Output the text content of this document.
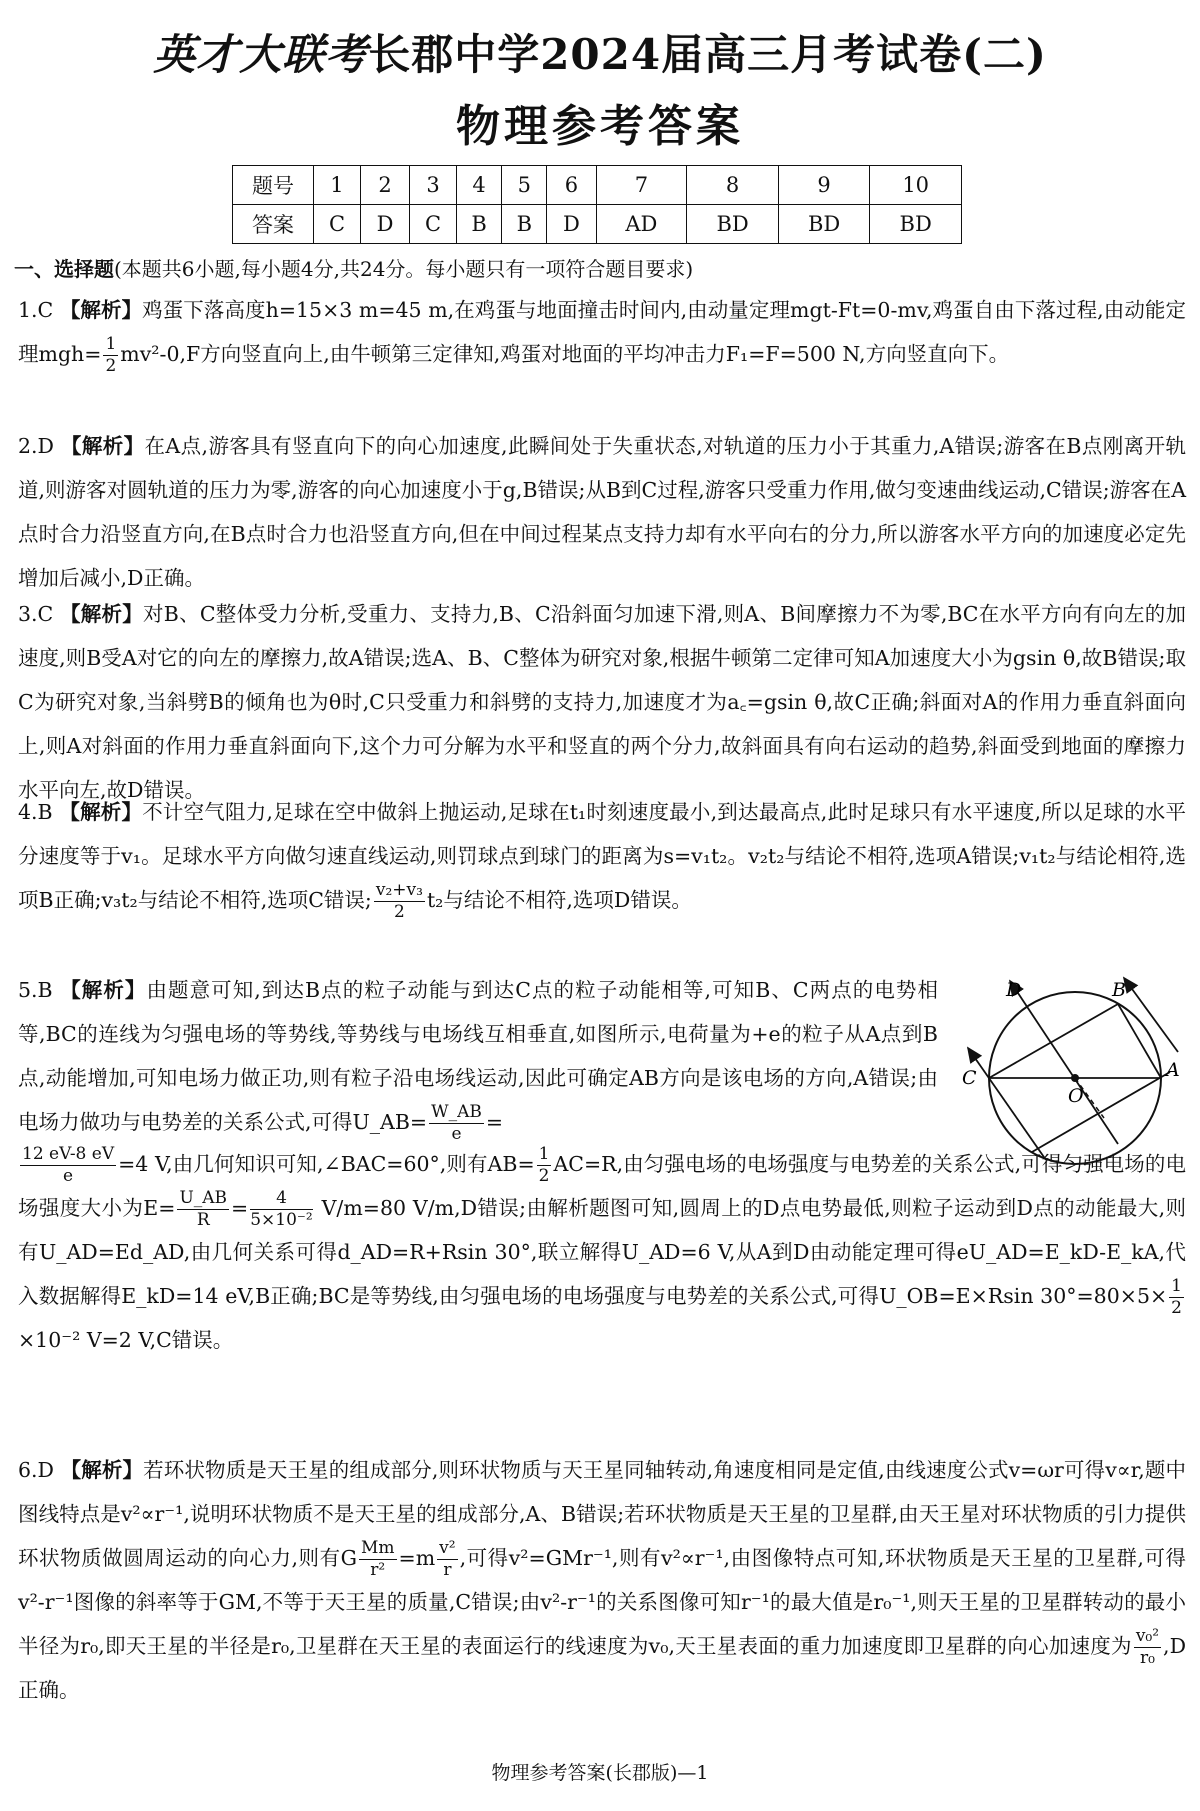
英才大联考长郡中学2024届高三月考试卷(二)
物理参考答案
题号	1	2	3	4	5	6	7	8	9	10
答案	C	D	C	B	B	D	AD	BD	BD	BD
一、选择题(本题共6小题,每小题4分,共24分。每小题只有一项符合题目要求)
1.C 【解析】鸡蛋下落高度h=15×3 m=45 m,在鸡蛋与地面撞击时间内,由动量定理mgt-Ft=0-mv,鸡蛋自由下落过程,由动能定理$mgh= \frac{1}{2} mv^2-0,F$方向竖直向上,由牛顿第三定律知,鸡蛋对地面的平均冲击力F₁=F=500 N,方向竖直向下。
2.D 【解析】在A点,游客具有竖直向下的向心加速度,此瞬间处于失重状态,对轨道的压力小于其重力,A错误;游客在B点刚离开轨道,则游客对圆轨道的压力为零,游客的向心加速度小于g,B错误;从B到C过程,游客只受重力作用,做匀变速曲线运动,C错误;游客在A点时合力沿竖直方向,在B点时合力也沿竖直方向,但在中间过程某点支持力却有水平向右的分力,所以游客水平方向的加速度必定先增加后减小,D正确。
3.C 【解析】对B、C整体受力分析,受重力、支持力,B、C沿斜面匀加速下滑,则A、B间摩擦力不为零,BC在水平方向有向左的加速度,则B受A对它的向左的摩擦力,故A错误;选A、B、C整体为研究对象,根据牛顿第二定律可知A加速度大小为gsin θ,故B错误;取C为研究对象,当斜劈B的倾角也为θ时,C只受重力和斜劈的支持力,加速度才为a꜀=gsin θ,故C正确;斜面对A的作用力垂直斜面向上,则A对斜面的作用力垂直斜面向下,这个力可分解为水平和竖直的两个分力,故斜面具有向右运动的趋势,斜面受到地面的摩擦力水平向左,故D错误。
4.B 【解析】不计空气阻力,足球在空中做斜上抛运动,足球在t₁时刻速度最小,到达最高点,此时足球只有水平速度,所以足球的水平分速度等于v₁。足球水平方向做匀速直线运动,则罚球点到球门的距离为s=v₁t₂。v₂t₂与结论不相符,选项A错误;v₁t₂与结论相符,选项B正确;v₃t₂与结论不相符,选项C错误; $\frac{\text{v₂+v₃}}{2} t_2$与结论不相符,选项D错误。
5.B 【解析】由题意可知,到达B点的粒子动能与到达C点的粒子动能相等,可知B、C两点的电势相等,BC的连线为匀强电场的等势线,等势线与电场线互相垂直,如图所示,电荷量为+e的粒子从A点到B点,动能增加,可知电场力做正功,则有粒子沿电场线运动,因此可确定AB方向是该电场的方向,A错误;由电场力做功与电势差的关系公式,可得U_AB= $\frac{W\_AB}{e}$ =
$\frac{12 eV-8 eV}{e} =4$ V,由几何知识可知,∠BAC=60°,则有$AB= \frac{1}{2} AC=R$,由匀强电场的电场强度与电势差的关系公式,可得匀强电场的电场强度大小为$E= \frac{U\_AB}{R} = \frac{4}{\text{5×10⁻²}} V/m=80$ V/m,D错误;由解析题图可知,圆周上的D点电势最低,则粒子运动到D点的动能最大,则有U_AD=Ed_AD,由几何关系可得d_AD=R+Rsin 30°,联立解得U_AD=6 V,从A到D由动能定理可得eU_AD=E_kD-E_kA,代入数据解得E_kD=14 eV,B正确;BC是等势线,由匀强电场的电场强度与电势差的关系公式,可得U_OB=E×Rsin $30^\circ=80\times 5\times \frac{1}{2}$
×10⁻² V=2 V,C错误。
C	A
B
D
O
6.D 【解析】若环状物质是天王星的组成部分,则环状物质与天王星同轴转动,角速度相同是定值,由线速度公式v=ωr可得v∝r,题中图线特点是v²∝r⁻¹,说明环状物质不是天王星的组成部分,A、B错误;若环状物质是天王星的卫星群,由天王星对环状物质的引力提供环状物质做圆周运动的向心力,则有G $\frac{Mm}{\text{r²}} =m \frac{\text{v²}}{r}$ ,可得v²=GMr⁻¹,则有v²∝r⁻¹,由图像特点可知,环状物质是天王星的卫星群,可得v²-r⁻¹图像的斜率等于GM,不等于天王星的质量,C错误;由v²-r⁻¹的关系图像可知r⁻¹的最大值是r₀⁻¹,则天王星的卫星群转动的最小半径为r₀,即天王星的半径是r₀,卫星群在天王星的表面运行的线速度为v₀,天王星表面的重力加速度即卫星群的向心加速度为 $\frac{\text{v₀²}}{\text{r₀}} ,D$正确。
物理参考答案(长郡版)—1
